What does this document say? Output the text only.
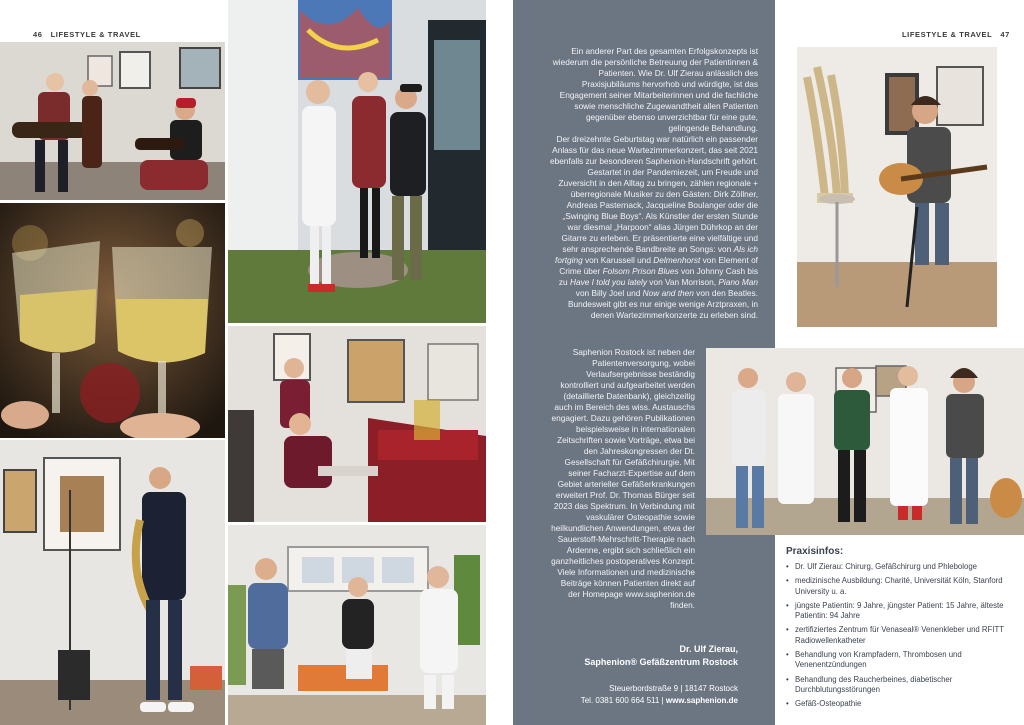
46 LIFESTYLE & TRAVEL	LIFESTYLE & TRAVEL 47

Ein anderer Part des gesamten Erfolgskonzepts ist wiederum die persönliche Betreuung der Patientinnen & Patienten. Wie Dr. Ulf Zierau anlässlich des Praxisjubiläums hervorhob und würdigte, ist das Engagement seiner Mitarbeiterinnen und die fachliche sowie menschliche Zugewandtheit allen Patienten gegenüber ebenso unverzichtbar für eine gute, gelingende Behandlung.

Der dreizehnte Geburtstag war natürlich ein passender Anlass für das neue Wartezimmerkonzert, das seit 2021 ebenfalls zur besonderen Saphenion-Handschrift gehört. Gestartet in der Pandemiezeit, um Freude und Zuversicht in den Alltag zu bringen, zählen regionale + überregionale Musiker zu den Gästen: Dirk Zöllner, Andreas Pasternack, Jacqueline Boulanger oder die „Swinging Blue Boys“. Als Künstler der ersten Stunde war diesmal „Harpoon“ alias Jürgen Dührkop an der Gitarre zu erleben. Er präsentierte eine vielfältige und sehr ansprechende Bandbreite an Songs: von Als ich fortging von Karussell und Delmenhorst von Element of Crime über Folsom Prison Blues von Johnny Cash bis zu Have I told you lately von Van Morrison, Piano Man von Billy Joel und Now and then von den Beatles. Bundesweit gibt es nur einige wenige Arztpraxen, in denen Wartezimmerkonzerte zu erleben sind.

Saphenion Rostock ist neben der Patientenversorgung, wobei Verlaufsergebnisse beständig kontrolliert und aufgearbeitet werden (detaillierte Datenbank), gleichzeitig auch im Bereich des wiss. Austauschs engagiert. Dazu gehören Publikationen beispielsweise in internationalen Zeitschriften sowie Vorträge, etwa bei den Jahreskongressen der Dt. Gesellschaft für Gefäßchirurgie. Mit seiner Facharzt-Expertise auf dem Gebiet arterieller Gefäßerkrankungen erweitert Prof. Dr. Thomas Bürger seit 2023 das Spektrum. In Verbindung mit vaskulärer Osteopathie sowie heilkundlichen Anwendungen, etwa der Sauerstoff-Mehrschritt-Therapie nach Ardenne, ergibt sich schließlich ein ganzheitliches postoperatives Konzept. Viele Informationen und medizinische Beiträge können Patienten direkt auf der Homepage www.saphenion.de finden.

Dr. Ulf Zierau,
Saphenion® Gefäßzentrum Rostock
Steuerbordstraße 9 | 18147 Rostock
Tel. 0381 600 664 511 | www.saphenion.de
Praxisinfos:
• Dr. Ulf Zierau: Chirurg, Gefäßchirurg und Phlebologe
• medizinische Ausbildung: Charité, Universität Köln, Stanford University u. a.
• jüngste Patientin: 9 Jahre, jüngster Patient: 15 Jahre, älteste Patientin: 94 Jahre
• zertifiziertes Zentrum für Venaseal® Venenkleber und RFITT Radiowellenkatheter
• Behandlung von Krampfadern, Thrombosen und Venenentzündungen
• Behandlung des Raucherbeines, diabetischer Durchblutungsstörungen
• Gefäß-Osteopathie
